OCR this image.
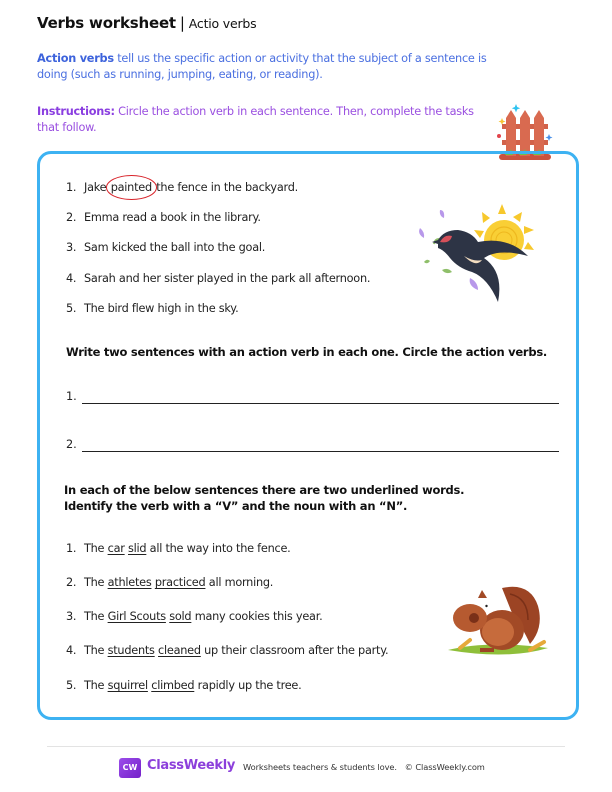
Verbs worksheet | Actio verbs
Action verbs tell us the specific action or activity that the subject of a sentence is doing (such as running, jumping, eating, or reading).
Instructions: Circle the action verb in each sentence. Then, complete the tasks that follow.
1. Jake painted the fence in the backyard.
2. Emma read a book in the library.
3. Sam kicked the ball into the goal.
4. Sarah and her sister played in the park all afternoon.
5. The bird flew high in the sky.
Write two sentences with an action verb in each one. Circle the action verbs.
1.
2.
In each of the below sentences there are two underlined words.
Identify the verb with a “V” and the noun with an “N”.
1. The car slid all the way into the fence.
2. The athletes practiced all morning.
3. The Girl Scouts sold many cookies this year.
4. The students cleaned up their classroom after the party.
5. The squirrel climbed rapidly up the tree.
CW ClassWeekly Worksheets teachers & students love. © ClassWeekly.com
